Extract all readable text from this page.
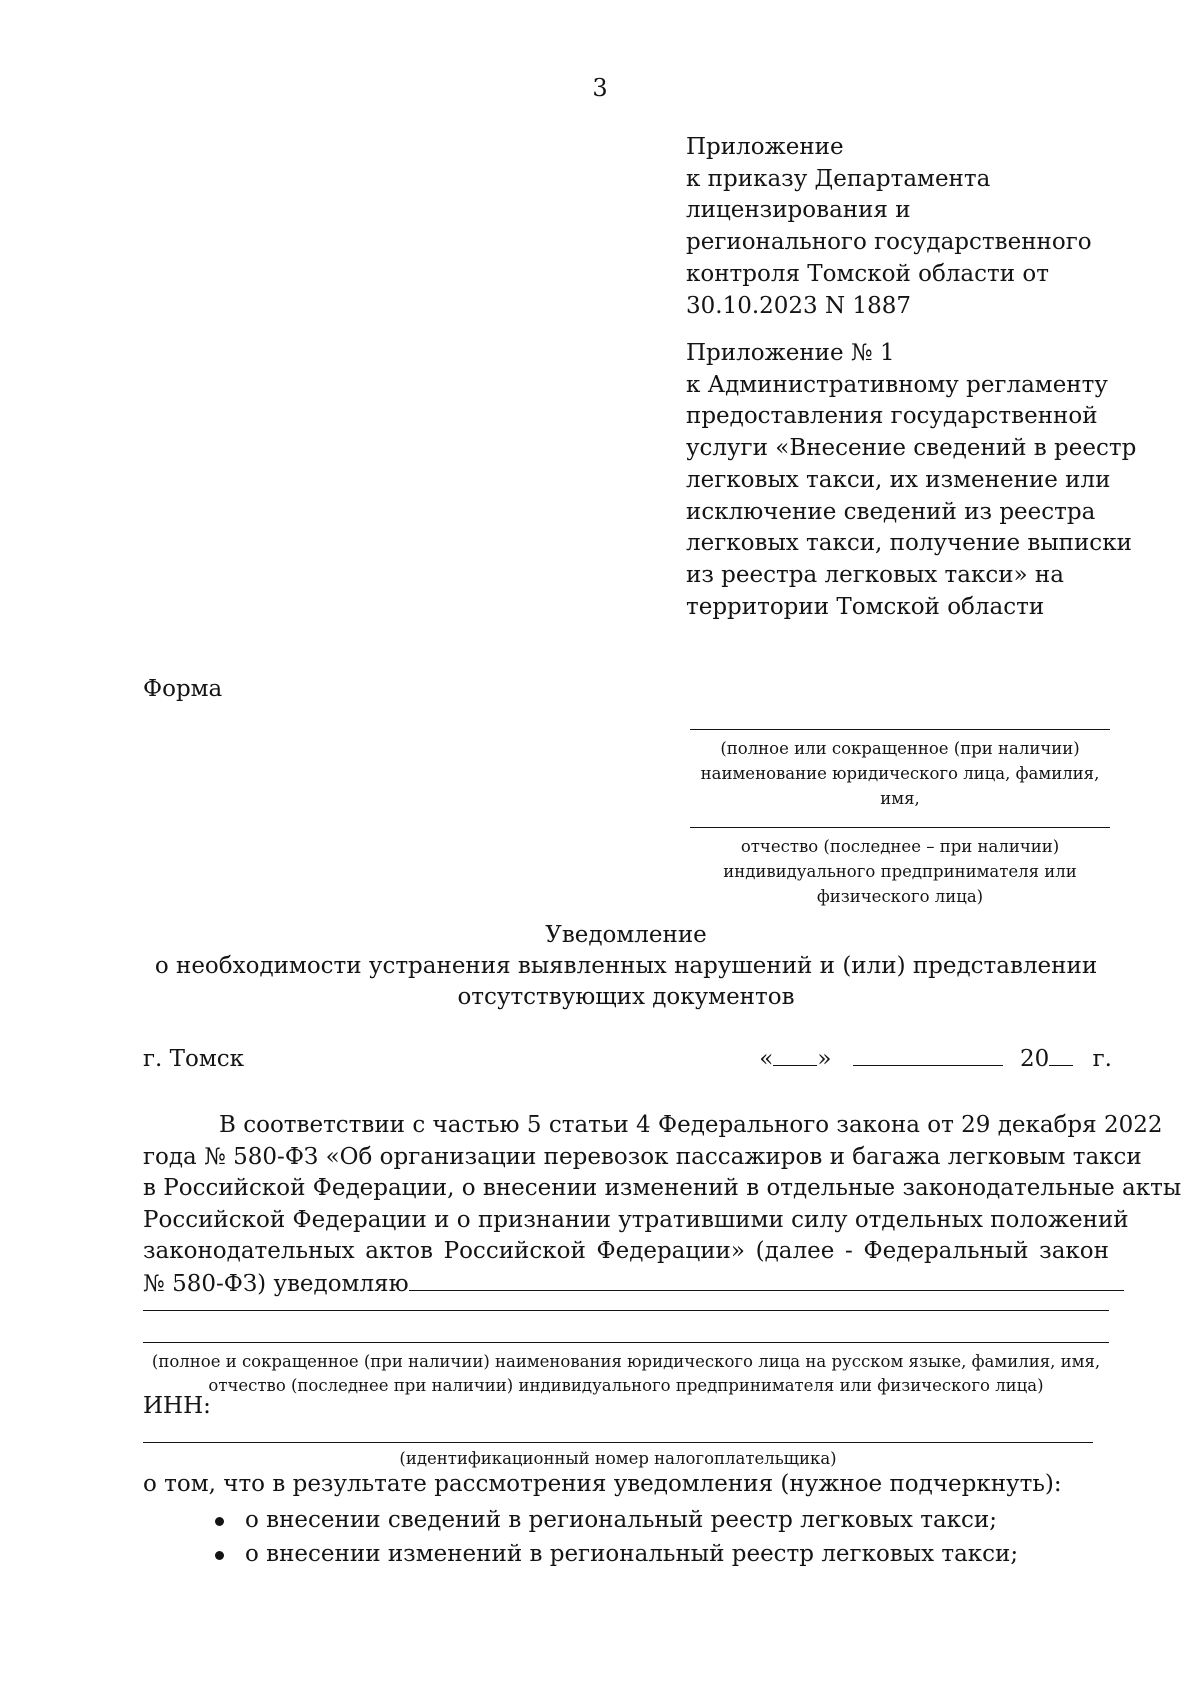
3
Приложение
к приказу Департамента
лицензирования и
регионального государственного
контроля Томской области от
30.10.2023 N 1887
Приложение № 1
к Административному регламенту
предоставления государственной
услуги «Внесение сведений в реестр
легковых такси, их изменение или
исключение сведений из реестра
легковых такси, получение выписки
из реестра легковых такси» на
территории Томской области
Форма
(полное или сокращенное (при наличии)
наименование юридического лица, фамилия,
имя,
отчество (последнее – при наличии)
индивидуального предпринимателя или
физического лица)
Уведомление
о необходимости устранения выявленных нарушений и (или) представлении
отсутствующих документов
г. Томск	« »	20 г.
В соответствии с частью 5 статьи 4 Федерального закона от 29 декабря 2022
года № 580-ФЗ «Об организации перевозок пассажиров и багажа легковым такси
в Российской Федерации, о внесении изменений в отдельные законодательные акты
Российской Федерации и о признании утратившими силу отдельных положений
законодательных актов Российской Федерации» (далее - Федеральный закон
№ 580-ФЗ) уведомляю
(полное и сокращенное (при наличии) наименования юридического лица на русском языке, фамилия, имя,
отчество (последнее при наличии) индивидуального предпринимателя или физического лица)
ИНН:
(идентификационный номер налогоплательщика)
о том, что в результате рассмотрения уведомления (нужное подчеркнуть):
о внесении сведений в региональный реестр легковых такси;
о внесении изменений в региональный реестр легковых такси;
